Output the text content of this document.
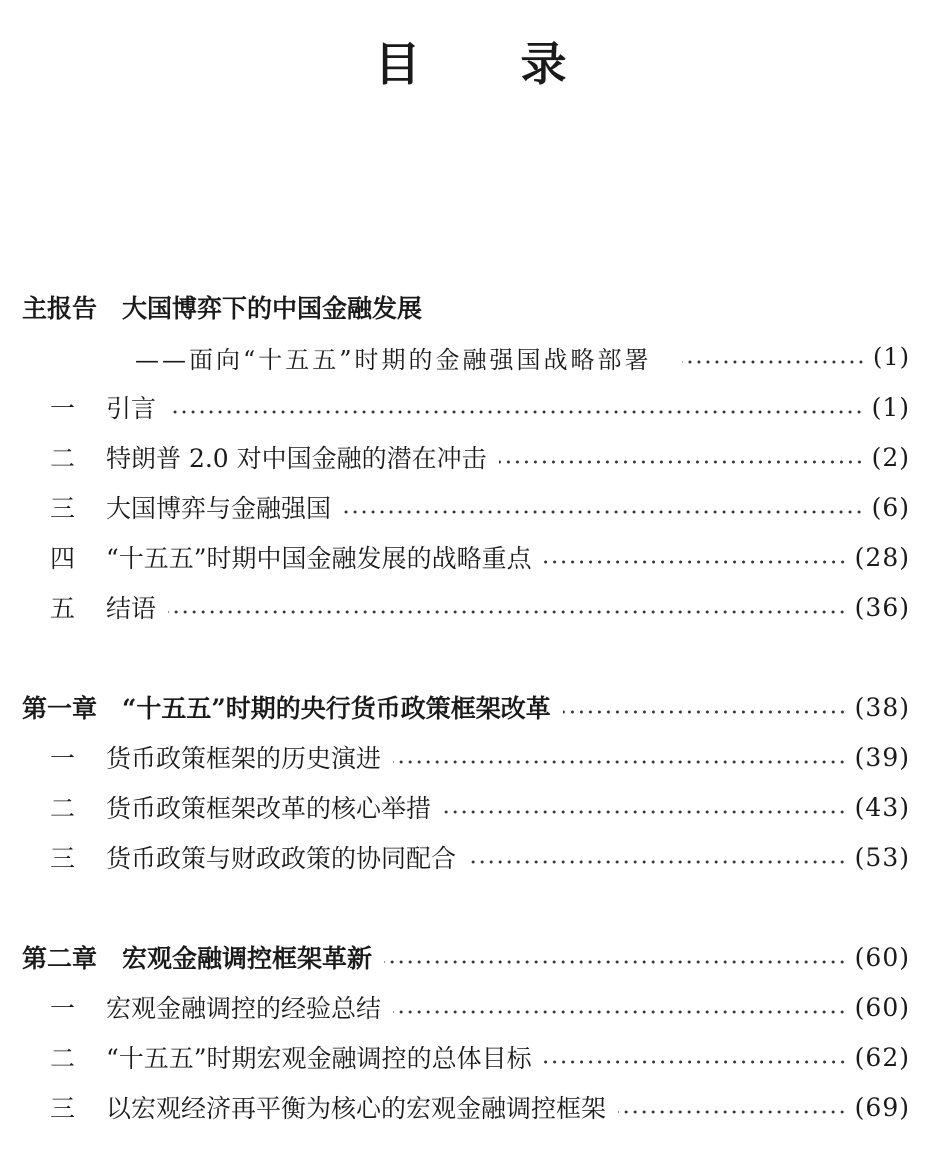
目 录
主报告　大国博弈下的中国金融发展
——面向“十五五”时期的金融强国战略部署	(1)
一	引言	(1)
二	特朗普 2.0 对中国金融的潜在冲击	(2)
三	大国博弈与金融强国	(6)
四	“十五五”时期中国金融发展的战略重点	(28)
五	结语	(36)
第一章　“十五五”时期的央行货币政策框架改革	(38)
一	货币政策框架的历史演进	(39)
二	货币政策框架改革的核心举措	(43)
三	货币政策与财政政策的协同配合	(53)
第二章　宏观金融调控框架革新	(60)
一	宏观金融调控的经验总结	(60)
二	“十五五”时期宏观金融调控的总体目标	(62)
三	以宏观经济再平衡为核心的宏观金融调控框架	(69)
